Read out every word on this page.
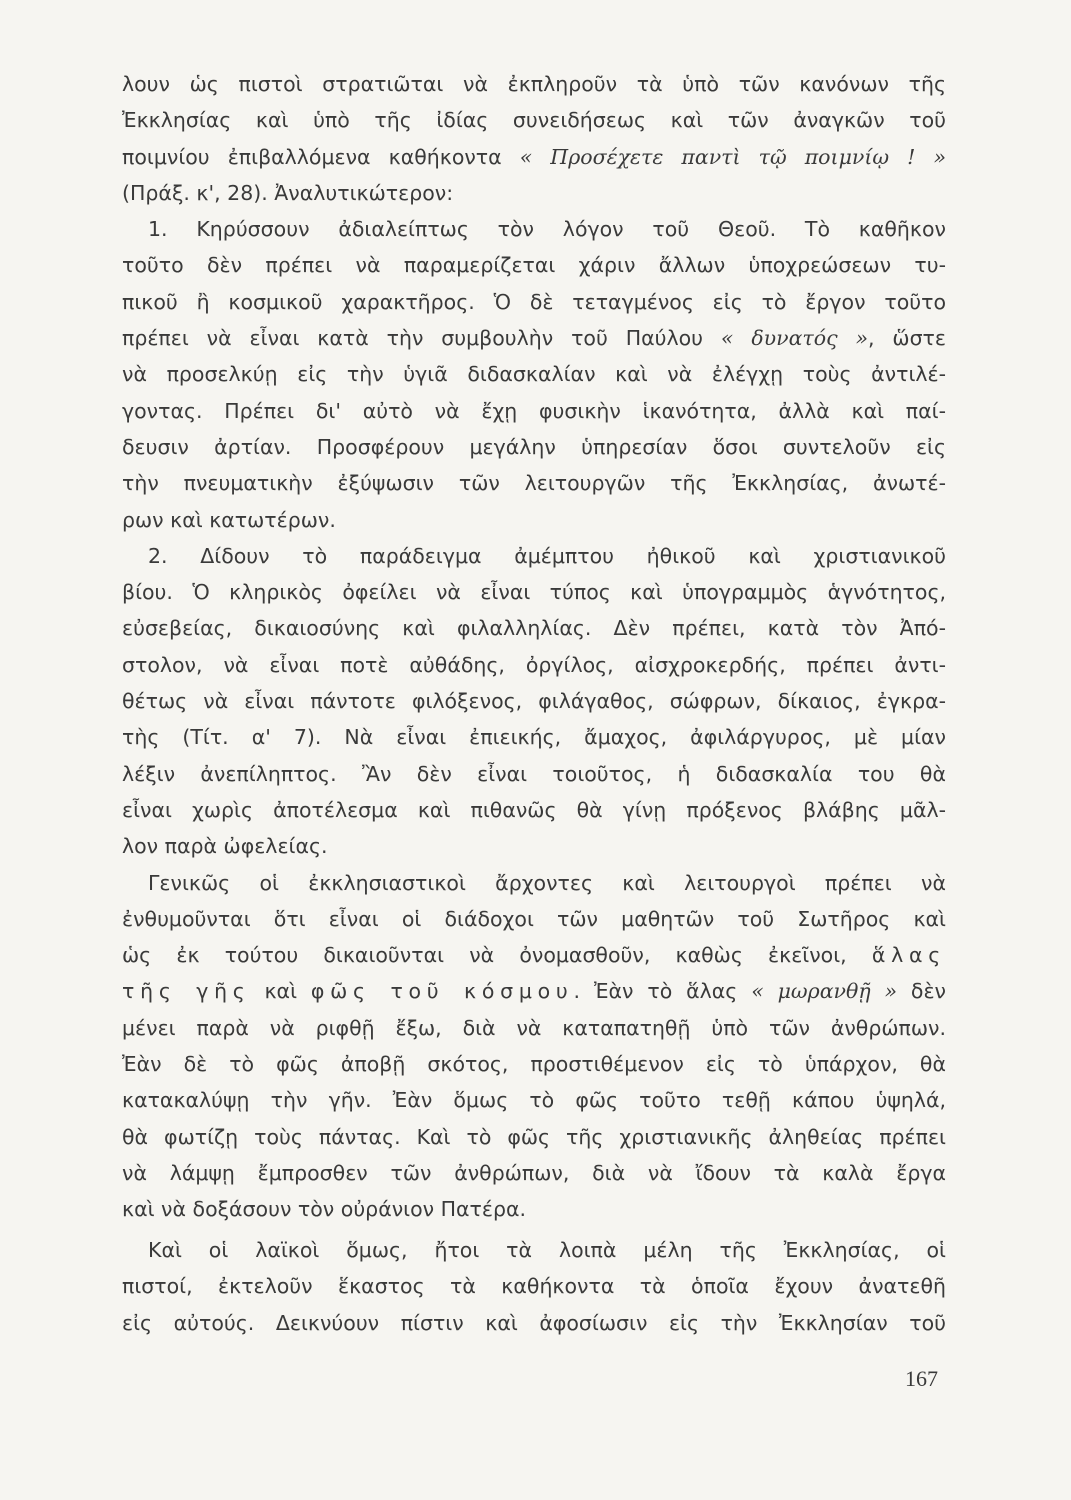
λουν ὡς πιστοὶ στρατιῶται νὰ ἐκπληροῦν τὰ ὑπὸ τῶν κανόνων τῆς
Ἐκκλησίας καὶ ὑπὸ τῆς ἰδίας συνειδήσεως καὶ τῶν ἀναγκῶν τοῦ
ποιμνίου ἐπιβαλλόμενα καθήκοντα « Προσέχετε παντὶ τῷ ποιμνίῳ ! »
(Πράξ. κ', 28). Ἀναλυτικώτερον:
1. Κηρύσσουν ἀδιαλείπτως τὸν λόγον τοῦ Θεοῦ. Τὸ καθῆκον
τοῦτο δὲν πρέπει νὰ παραμερίζεται χάριν ἄλλων ὑποχρεώσεων τυ-
πικοῦ ἢ κοσμικοῦ χαρακτῆρος. Ὁ δὲ τεταγμένος εἰς τὸ ἔργον τοῦτο
πρέπει νὰ εἶναι κατὰ τὴν συμβουλὴν τοῦ Παύλου « δυνατός », ὥστε
νὰ προσελκύῃ εἰς τὴν ὑγιᾶ διδασκαλίαν καὶ νὰ ἐλέγχῃ τοὺς ἀντιλέ-
γοντας. Πρέπει δι' αὐτὸ νὰ ἔχῃ φυσικὴν ἱκανότητα, ἀλλὰ καὶ παί-
δευσιν ἀρτίαν. Προσφέρουν μεγάλην ὑπηρεσίαν ὅσοι συντελοῦν εἰς
τὴν πνευματικὴν ἐξύψωσιν τῶν λειτουργῶν τῆς Ἐκκλησίας, ἀνωτέ-
ρων καὶ κατωτέρων.
2. Δίδουν τὸ παράδειγμα ἀμέμπτου ἠθικοῦ καὶ χριστιανικοῦ
βίου. Ὁ κληρικὸς ὀφείλει νὰ εἶναι τύπος καὶ ὑπογραμμὸς ἁγνότητος,
εὐσεβείας, δικαιοσύνης καὶ φιλαλληλίας. Δὲν πρέπει, κατὰ τὸν Ἀπό-
στολον, νὰ εἶναι ποτὲ αὐθάδης, ὀργίλος, αἰσχροκερδής, πρέπει ἀντι-
θέτως νὰ εἶναι πάντοτε φιλόξενος, φιλάγαθος, σώφρων, δίκαιος, ἐγκρα-
τὴς (Τίτ. α' 7). Νὰ εἶναι ἐπιεικής, ἄμαχος, ἀφιλάργυρος, μὲ μίαν
λέξιν ἀνεπίληπτος. Ἂν δὲν εἶναι τοιοῦτος, ἡ διδασκαλία του θὰ
εἶναι χωρὶς ἀποτέλεσμα καὶ πιθανῶς θὰ γίνῃ πρόξενος βλάβης μᾶλ-
λον παρὰ ὠφελείας.
Γενικῶς οἱ ἐκκλησιαστικοὶ ἄρχοντες καὶ λειτουργοὶ πρέπει νὰ
ἐνθυμοῦνται ὅτι εἶναι οἱ διάδοχοι τῶν μαθητῶν τοῦ Σωτῆρος καὶ
ὡς ἐκ τούτου δικαιοῦνται νὰ ὀνομασθοῦν, καθὼς ἐκεῖνοι, ἅλας
τῆς γῆς καὶ φῶς τοῦ κόσμου. Ἐὰν τὸ ἅλας « μωρανθῇ » δὲν
μένει παρὰ νὰ ριφθῇ ἔξω, διὰ νὰ καταπατηθῇ ὑπὸ τῶν ἀνθρώπων.
Ἐὰν δὲ τὸ φῶς ἀποβῇ σκότος, προστιθέμενον εἰς τὸ ὑπάρχον, θὰ
κατακαλύψῃ τὴν γῆν. Ἐὰν ὅμως τὸ φῶς τοῦτο τεθῇ κάπου ὑψηλά,
θὰ φωτίζῃ τοὺς πάντας. Καὶ τὸ φῶς τῆς χριστιανικῆς ἀληθείας πρέπει
νὰ λάμψῃ ἔμπροσθεν τῶν ἀνθρώπων, διὰ νὰ ἴδουν τὰ καλὰ ἔργα
καὶ νὰ δοξάσουν τὸν οὐράνιον Πατέρα.
Καὶ οἱ λαϊκοὶ ὅμως, ἤτοι τὰ λοιπὰ μέλη τῆς Ἐκκλησίας, οἱ
πιστοί, ἐκτελοῦν ἕκαστος τὰ καθήκοντα τὰ ὁποῖα ἔχουν ἀνατεθῆ
εἰς αὐτούς. Δεικνύουν πίστιν καὶ ἀφοσίωσιν εἰς τὴν Ἐκκλησίαν τοῦ
167
